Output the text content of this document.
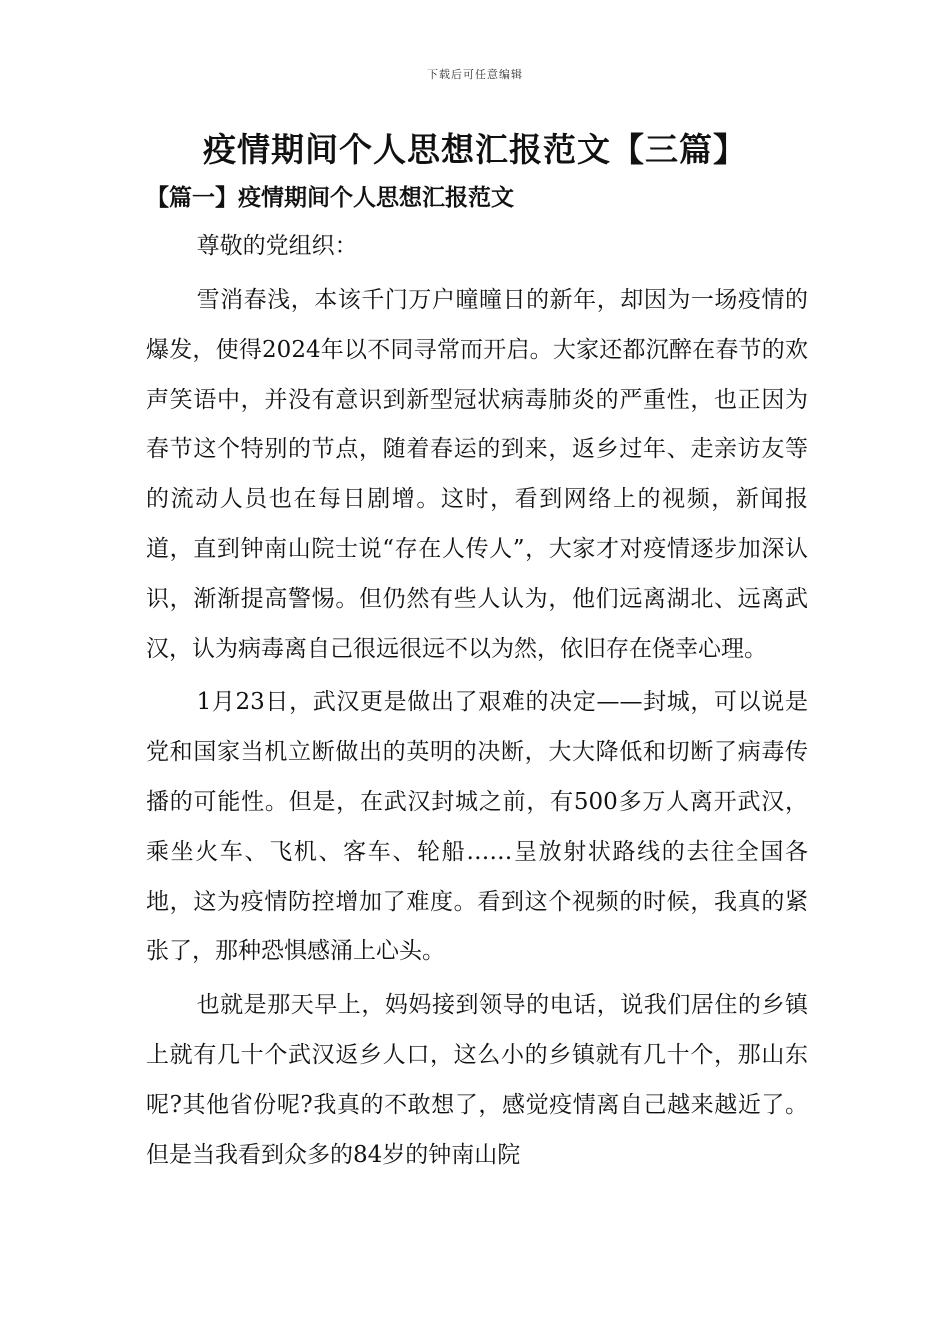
下载后可任意编辑
疫情期间个人思想汇报范文【三篇】
【篇一】疫情期间个人思想汇报范文

尊敬的党组织：

雪消春浅，本该千门万户曈曈日的新年，却因为一场疫情的爆发，使得2024年以不同寻常而开启。大家还都沉醉在春节的欢声笑语中，并没有意识到新型冠状病毒肺炎的严重性，也正因为春节这个特别的节点，随着春运的到来，返乡过年、走亲访友等的流动人员也在每日剧增。这时，看到网络上的视频，新闻报道，直到钟南山院士说“存在人传人”，大家才对疫情逐步加深认识，渐渐提高警惕。但仍然有些人认为，他们远离湖北、远离武汉，认为病毒离自己很远很远不以为然，依旧存在侥幸心理。

1月23日，武汉更是做出了艰难的决定——封城，可以说是党和国家当机立断做出的英明的决断，大大降低和切断了病毒传播的可能性。但是，在武汉封城之前，有500多万人离开武汉，乘坐火车、飞机、客车、轮船……呈放射状路线的去往全国各地，这为疫情防控增加了难度。看到这个视频的时候，我真的紧张了，那种恐惧感涌上心头。

也就是那天早上，妈妈接到领导的电话，说我们居住的乡镇上就有几十个武汉返乡人口，这么小的乡镇就有几十个，那山东呢?其他省份呢?我真的不敢想了，感觉疫情离自己越来越近了。但是当我看到众多的84岁的钟南山院
